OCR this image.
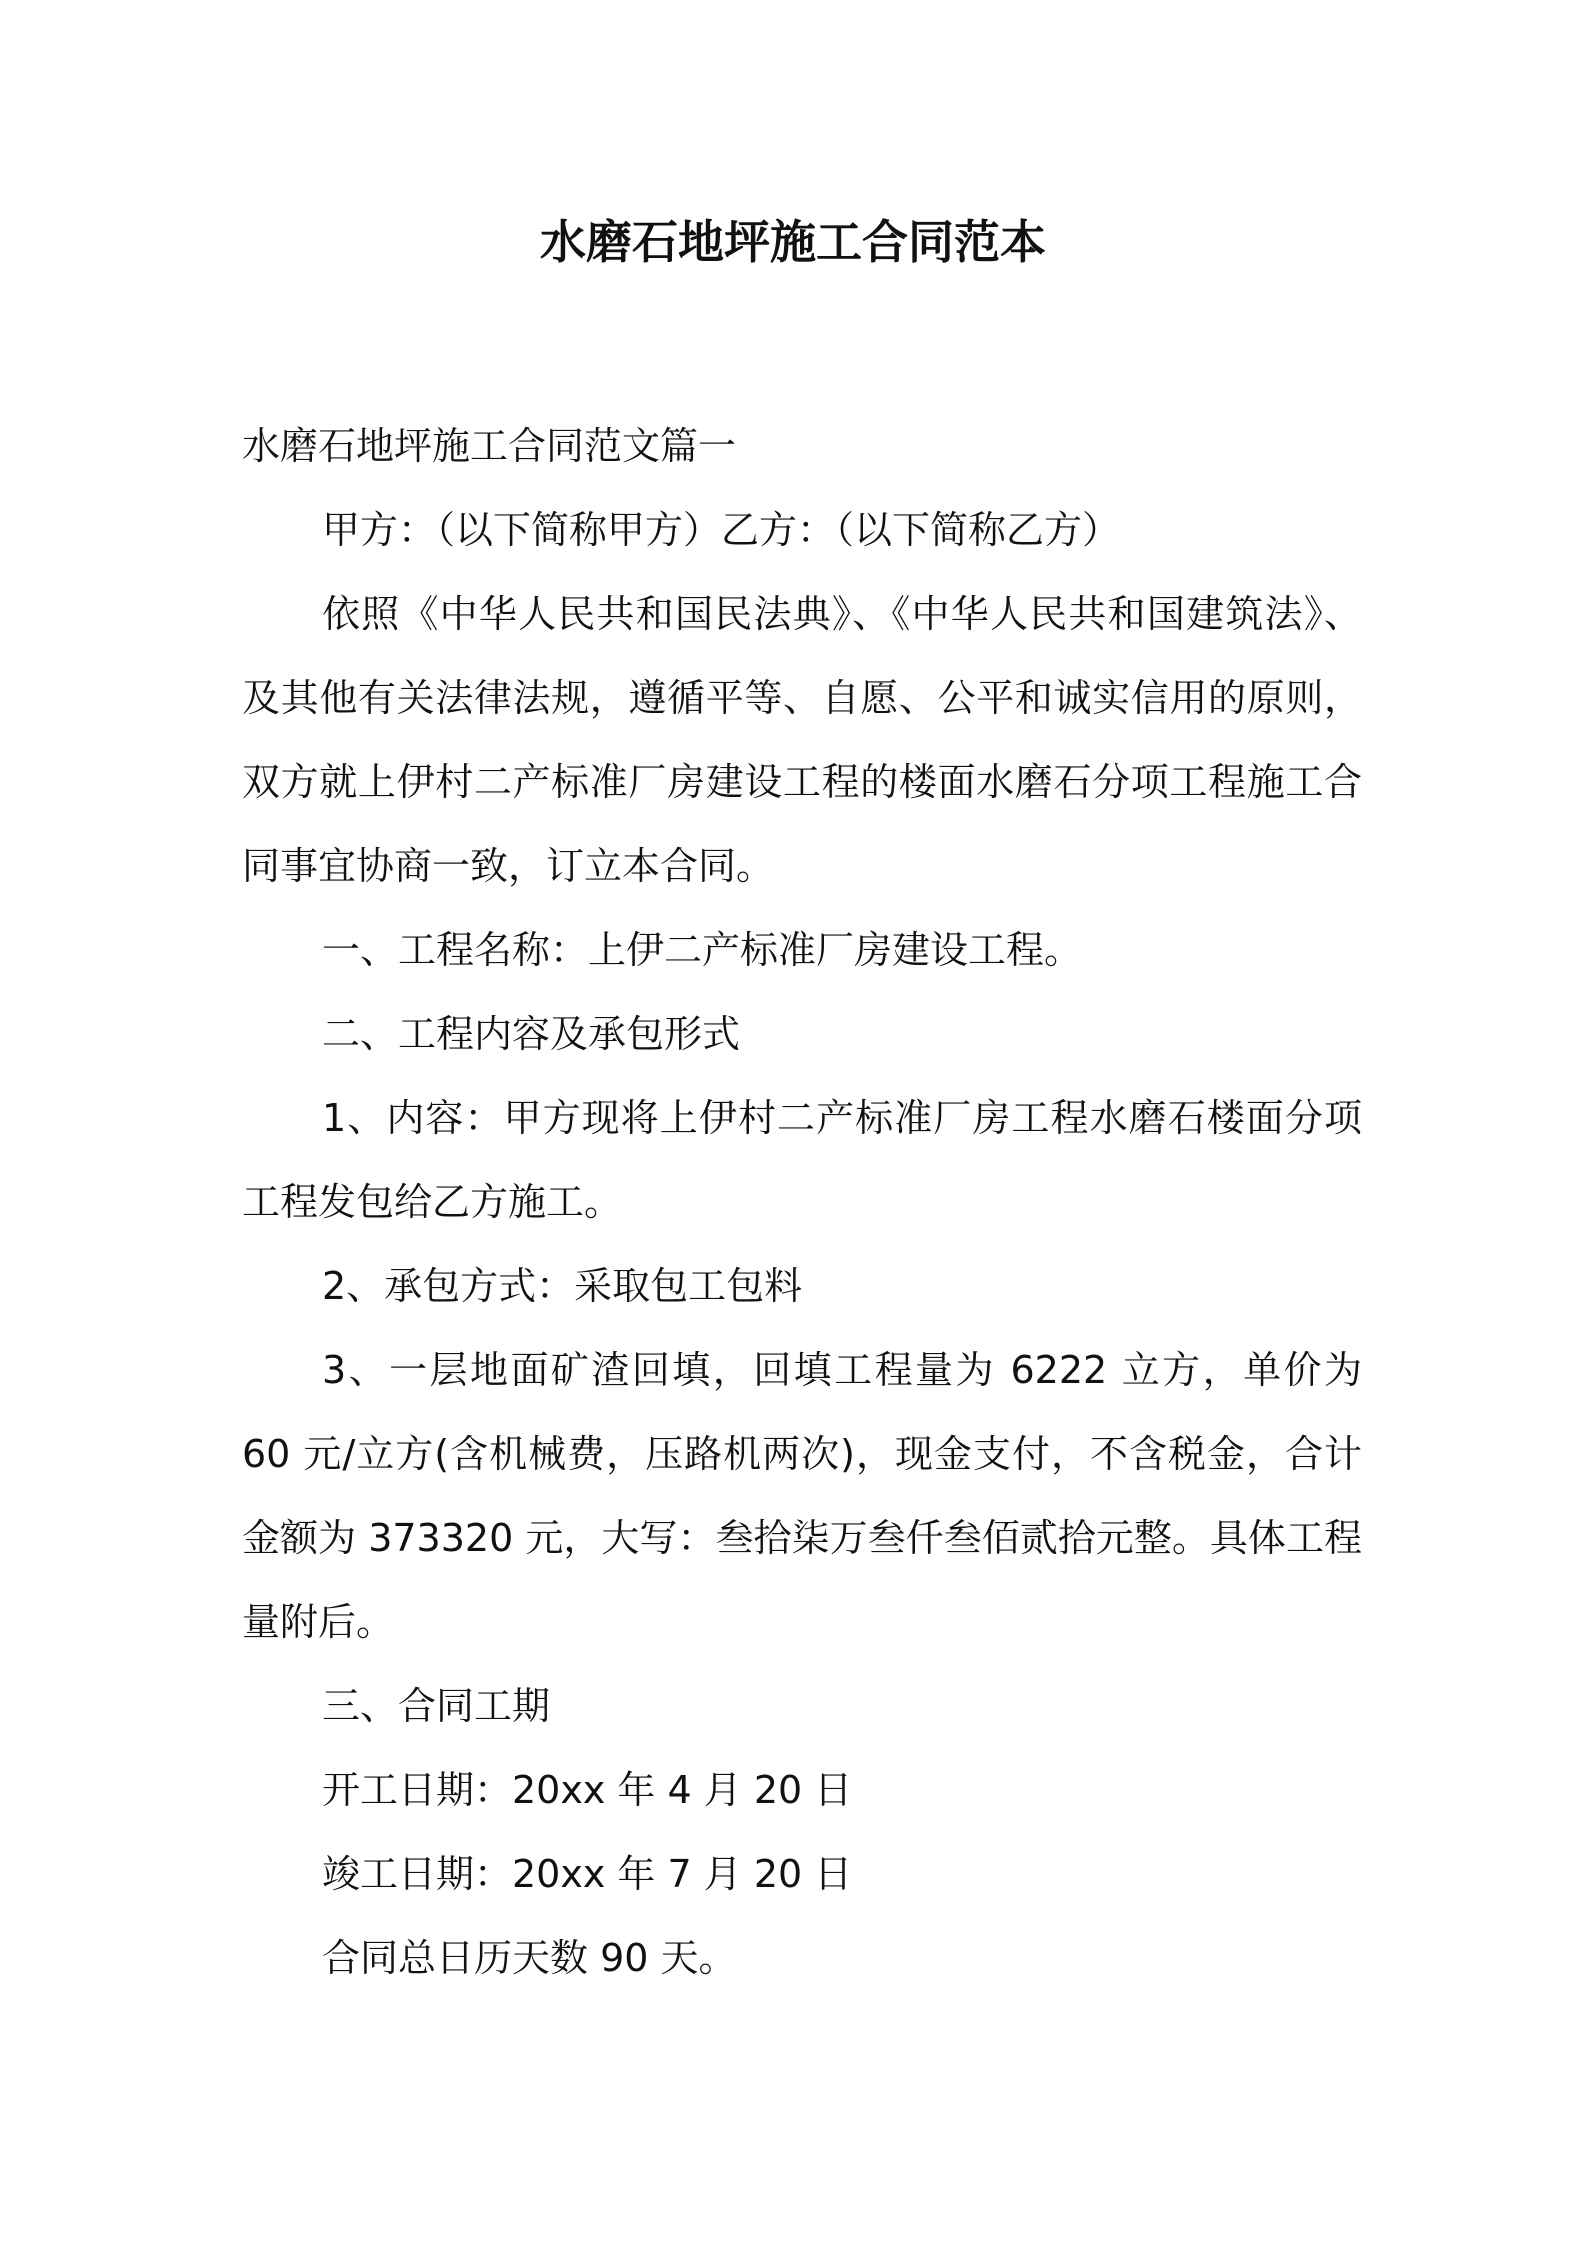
水磨石地坪施工合同范本

水磨石地坪施工合同范文篇一

甲方：（以下简称甲方）乙方：（以下简称乙方）

依照《中华人民共和国民法典》、《中华人民共和国建筑法》、及其他有关法律法规，遵循平等、自愿、公平和诚实信用的原则，双方就上伊村二产标准厂房建设工程的楼面水磨石分项工程施工合同事宜协商一致，订立本合同。

一、工程名称：上伊二产标准厂房建设工程。

二、工程内容及承包形式

1、内容：甲方现将上伊村二产标准厂房工程水磨石楼面分项工程发包给乙方施工。

2、承包方式：采取包工包料

3、一层地面矿渣回填，回填工程量为 6222 立方，单价为 60 元/立方(含机械费，压路机两次)，现金支付，不含税金，合计金额为 373320 元，大写：叁拾柒万叁仟叁佰贰拾元整。具体工程量附后。

三、合同工期

开工日期：20xx 年 4 月 20 日

竣工日期：20xx 年 7 月 20 日

合同总日历天数 90 天。
